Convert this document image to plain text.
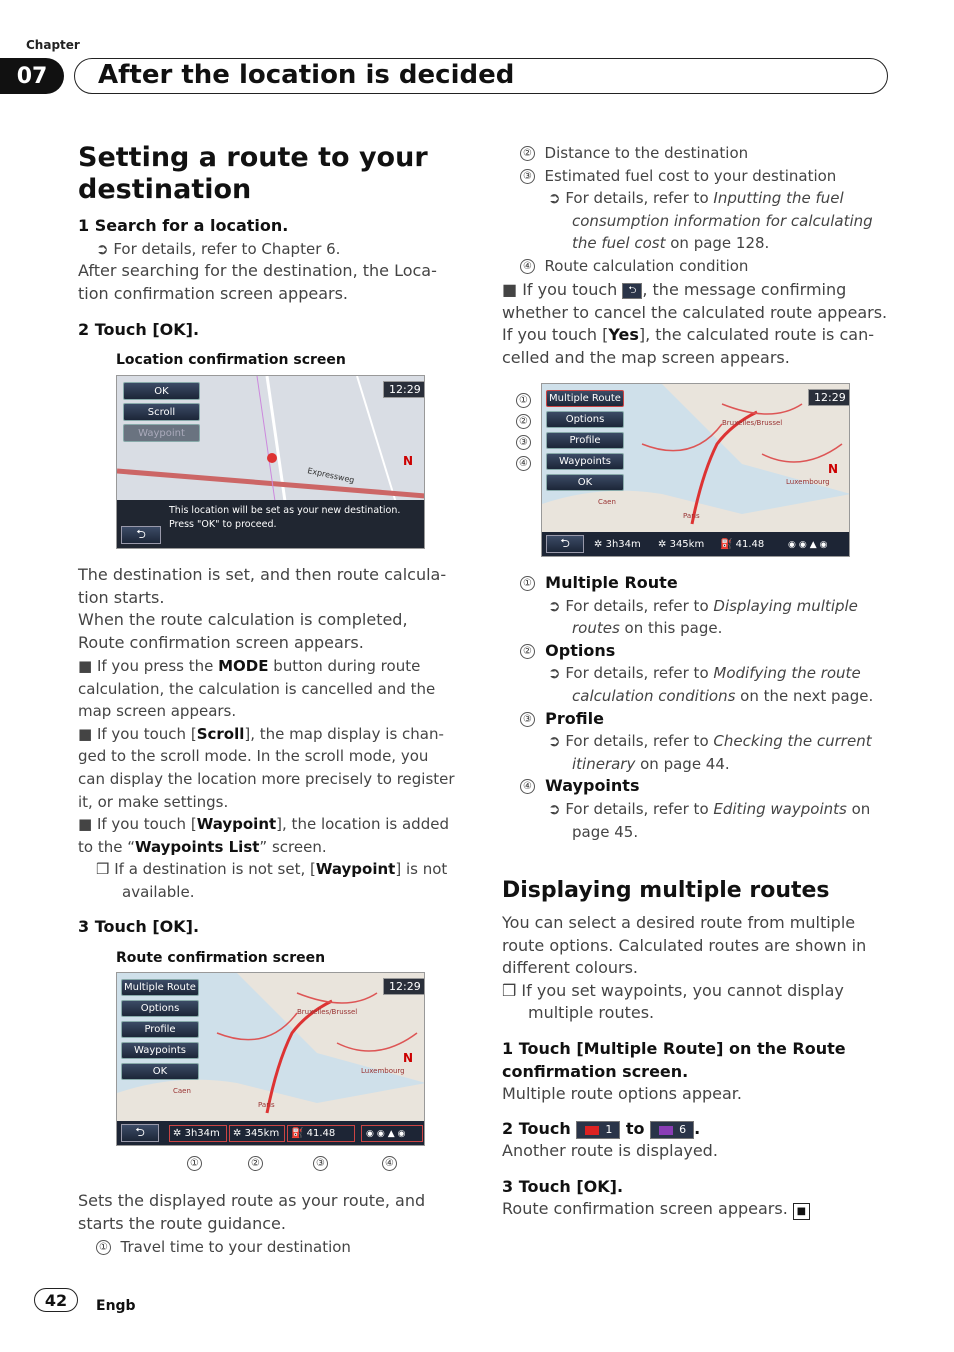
Chapter
07	After the location is decided
Setting a route to your
destination
1 Search for a location.
➲ For details, refer to Chapter 6.
After searching for the destination, the Loca-
tion confirmation screen appears.
2 Touch [OK].
Location confirmation screen
OK
Scroll
Waypoint
12:29
Expressweg
N
⮌
This location will be set as your new destination.
Press "OK" to proceed.
The destination is set, and then route calcula-
tion starts.
When the route calculation is completed,
Route confirmation screen appears.
■ If you press the MODE button during route
calculation, the calculation is cancelled and the
map screen appears.
■ If you touch [Scroll], the map display is chan-
ged to the scroll mode. In the scroll mode, you
can display the location more precisely to register
it, or make settings.
■ If you touch [Waypoint], the location is added
to the “Waypoints List” screen.
❒ If a destination is not set, [Waypoint] is not
available.
3 Touch [OK].
Route confirmation screen
Multiple Route
Options
Profile
Waypoints
OK
12:29
Bruxelles/Brussel
Luxembourg
Caen
Paris
N
⮌	✲
3h34m ✲
345km ⛽
41.48	◉◉▲◉
①	②	③	④
Sets the displayed route as your route, and
starts the route guidance.
① Travel time to your destination
② Distance to the destination
③ Estimated fuel cost to your destination
➲ For details, refer to Inputting the fuel
consumption information for calculating
the fuel cost on page 128.
④ Route calculation condition
■ If you touch ⮌ , the message confirming
whether to cancel the calculated route appears.
If you touch [Yes], the calculated route is can-
celled and the map screen appears.
①
②
③
④
Multiple Route
Options
Profile
Waypoints
OK
12:29
Bruxelles/Brussel
Luxembourg
Caen
Paris
N
⮌	✲
3h34m ✲
345km ⛽
41.48	◉◉▲◉
① Multiple Route
➲ For details, refer to Displaying multiple
routes on this page.
② Options
➲ For details, refer to Modifying the route
calculation conditions on the next page.
③ Profile
➲ For details, refer to Checking the current
itinerary on page 44.
④ Waypoints
➲ For details, refer to Editing waypoints on
page 45.
Displaying multiple routes
You can select a desired route from multiple
route options. Calculated routes are shown in
different colours.
❒ If you set waypoints, you cannot display
multiple routes.
1 Touch [Multiple Route] on the Route
confirmation screen.
Multiple route options appear.
2 Touch	1 to	6 .
Another route is displayed.
3 Touch [OK].
Route confirmation screen appears. ■
42	Engb
